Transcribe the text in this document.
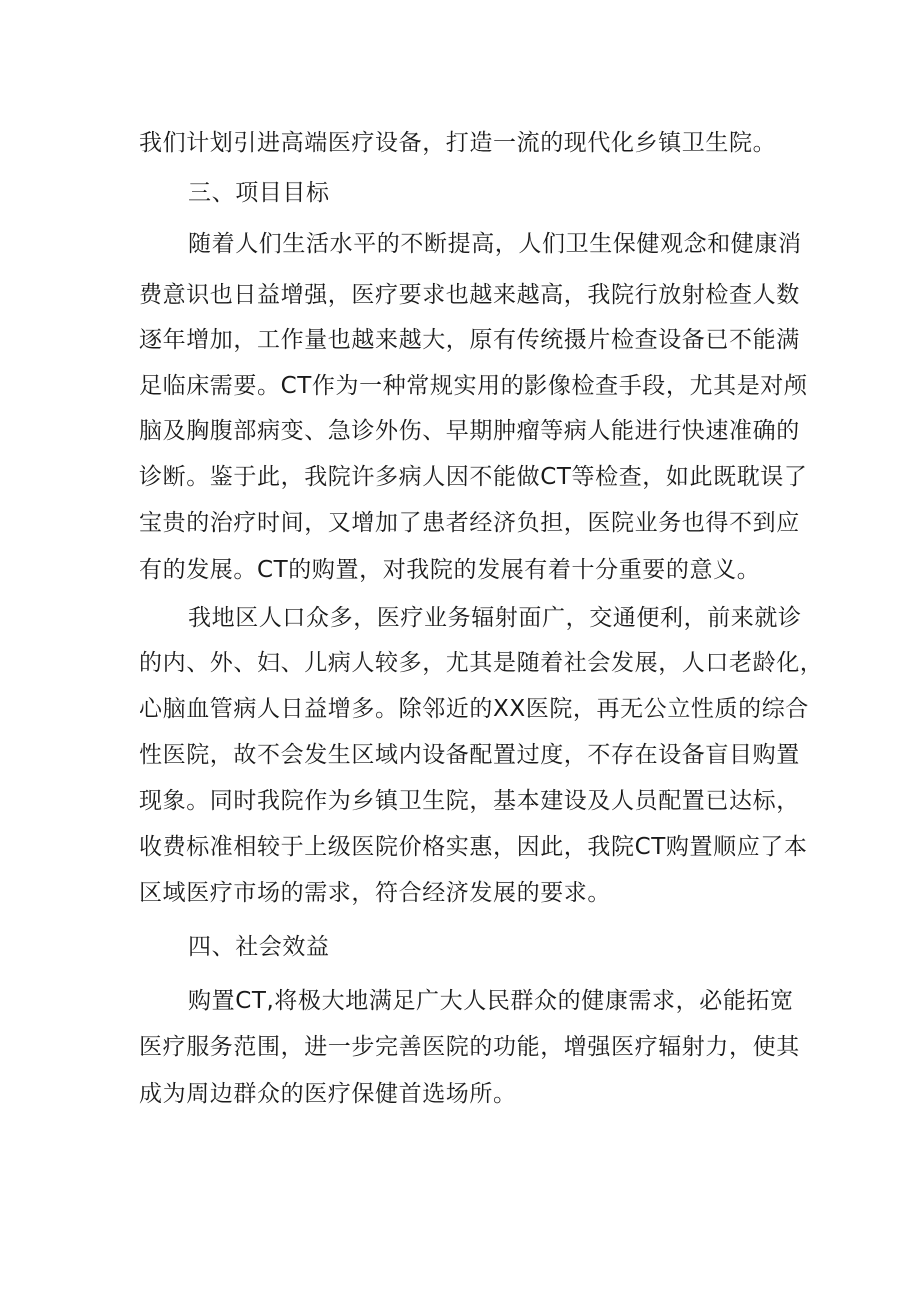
我们计划引进高端医疗设备，打造一流的现代化乡镇卫生院。
三、项目目标
随着人们生活水平的不断提高，人们卫生保健观念和健康消
费意识也日益增强，医疗要求也越来越高，我院行放射检查人数
逐年增加，工作量也越来越大，原有传统摄片检查设备已不能满
足临床需要。CT作为一种常规实用的影像检查手段，尤其是对颅
脑及胸腹部病变、急诊外伤、早期肿瘤等病人能进行快速准确的
诊断。鉴于此，我院许多病人因不能做CT等检查，如此既耽误了
宝贵的治疗时间，又增加了患者经济负担，医院业务也得不到应
有的发展。CT的购置，对我院的发展有着十分重要的意义。
我地区人口众多，医疗业务辐射面广，交通便利，前来就诊
的内、外、妇、儿病人较多，尤其是随着社会发展，人口老龄化，
心脑血管病人日益增多。除邻近的XX医院，再无公立性质的综合
性医院，故不会发生区域内设备配置过度，不存在设备盲目购置
现象。同时我院作为乡镇卫生院，基本建设及人员配置已达标，
收费标准相较于上级医院价格实惠，因此，我院CT购置顺应了本
区域医疗市场的需求，符合经济发展的要求。
四、社会效益
购置CT,将极大地满足广大人民群众的健康需求，必能拓宽
医疗服务范围，进一步完善医院的功能，增强医疗辐射力，使其
成为周边群众的医疗保健首选场所。
